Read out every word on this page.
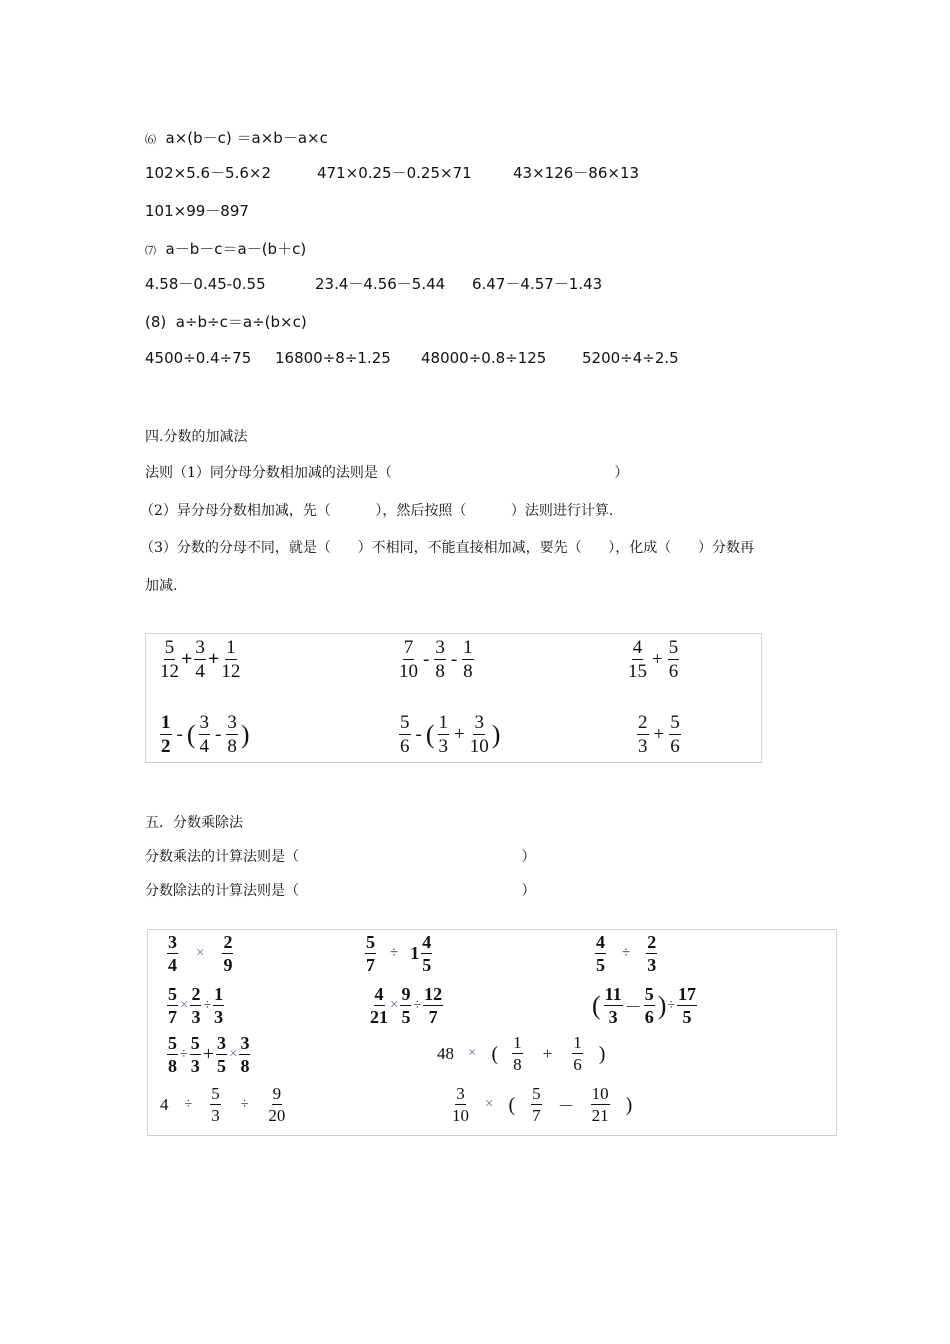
⑹ a×(b－c) ＝a×b－a×c
102×5.6－5.6×2	471×0.25－0.25×71	43×126－86×13
101×99－897
⑺ a－b－c＝a－(b＋c)
4.58－0.45-0.55	23.4－4.56－5.44 6.47－4.57－1.43
(8)  a÷b÷c＝a÷(b×c)
4500÷0.4÷75 16800÷8÷1.25 48000÷0.8÷125 5200÷4÷2.5
四.分数的加减法
法则（1）同分母分数相加减的法则是（                                                  ）
（2）异分母分数相加减，先（          ），然后按照（          ）法则进行计算.
（3）分数的分母不同，就是（      ）不相同，不能直接相加减，要先（      ），化成（      ）分数再
加减.
$\frac{5}{12} + \frac{3}{4} + \frac{1}{12}$	$\frac{7}{10} - \frac{3}{8} - \frac{1}{8}$	$\frac{4}{15} + \frac{5}{6}$
$\frac{1}{2}$ - ( $\frac{3}{4} - \frac{3}{8}$ )	$\frac{5}{6}$ - ( $\frac{1}{3} + \frac{3}{10}$ )	$\frac{2}{3} + \frac{5}{6}$
五．分数乘除法
分数乘法的计算法则是（                                                  ）
分数除法的计算法则是（                                                  ）
$\frac{3}{4} \times \frac{2}{9}$	$\frac{5}{7} \div 1 \frac{4}{5}$	$\frac{4}{5} \div \frac{2}{3}$
$\frac{5}{7} \times \frac{2}{3} \div \frac{1}{3}$	$\frac{4}{21} \times \frac{9}{5} \div \frac{12}{7}$	( $\frac{11}{3} - \frac{5}{6}$ ) ÷ $\frac{17}{5}$
$\frac{5}{8} \div \frac{5}{3} + \frac{3}{5} \times \frac{3}{8}$	48 × ( $\frac{1}{8} + \frac{1}{6}$ )
$4 \div \frac{5}{3} \div \frac{9}{20}$	$\frac{3}{10}$ × ( $\frac{5}{7} - \frac{10}{21}$ )
